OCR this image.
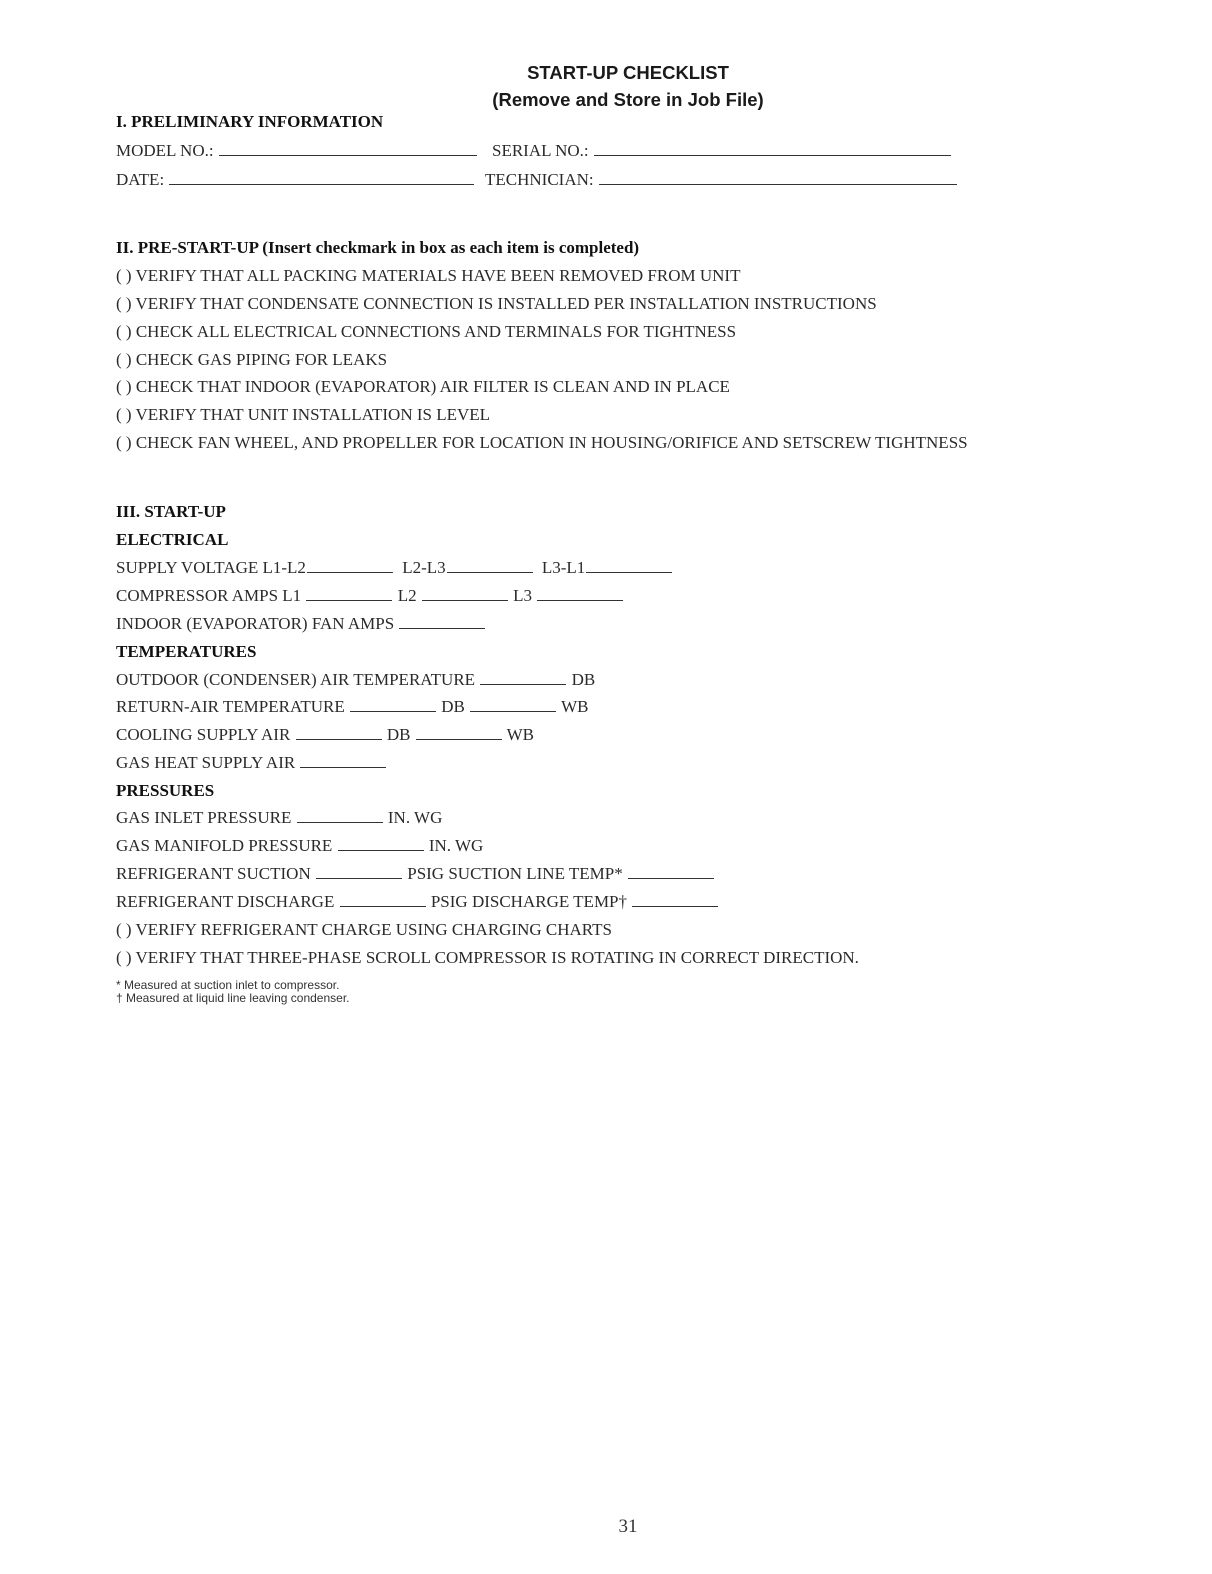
START-UP CHECKLIST
(Remove and Store in Job File)
I. PRELIMINARY INFORMATION
MODEL NO.:	SERIAL NO.:
DATE:	TECHNICIAN:
II. PRE-START-UP (Insert checkmark in box as each item is completed)
( ) VERIFY THAT ALL PACKING MATERIALS HAVE BEEN REMOVED FROM UNIT
( ) VERIFY THAT CONDENSATE CONNECTION IS INSTALLED PER INSTALLATION INSTRUCTIONS
( ) CHECK ALL ELECTRICAL CONNECTIONS AND TERMINALS FOR TIGHTNESS
( ) CHECK GAS PIPING FOR LEAKS
( ) CHECK THAT INDOOR (EVAPORATOR) AIR FILTER IS CLEAN AND IN PLACE
( ) VERIFY THAT UNIT INSTALLATION IS LEVEL
( ) CHECK FAN WHEEL, AND PROPELLER FOR LOCATION IN HOUSING/ORIFICE AND SETSCREW TIGHTNESS
III. START-UP
ELECTRICAL
SUPPLY VOLTAGE L1-L2	L2-L3	L3-L1
COMPRESSOR AMPS L1	L2	L3
INDOOR (EVAPORATOR) FAN AMPS
TEMPERATURES
OUTDOOR (CONDENSER) AIR TEMPERATURE	DB
RETURN-AIR TEMPERATURE	DB	WB
COOLING SUPPLY AIR	DB	WB
GAS HEAT SUPPLY AIR
PRESSURES
GAS INLET PRESSURE	IN. WG
GAS MANIFOLD PRESSURE	IN. WG
REFRIGERANT SUCTION	PSIG SUCTION LINE TEMP*
REFRIGERANT DISCHARGE	PSIG DISCHARGE TEMP†
( ) VERIFY REFRIGERANT CHARGE USING CHARGING CHARTS
( ) VERIFY THAT THREE-PHASE SCROLL COMPRESSOR IS ROTATING IN CORRECT DIRECTION.
* Measured at suction inlet to compressor.
† Measured at liquid line leaving condenser.
31
